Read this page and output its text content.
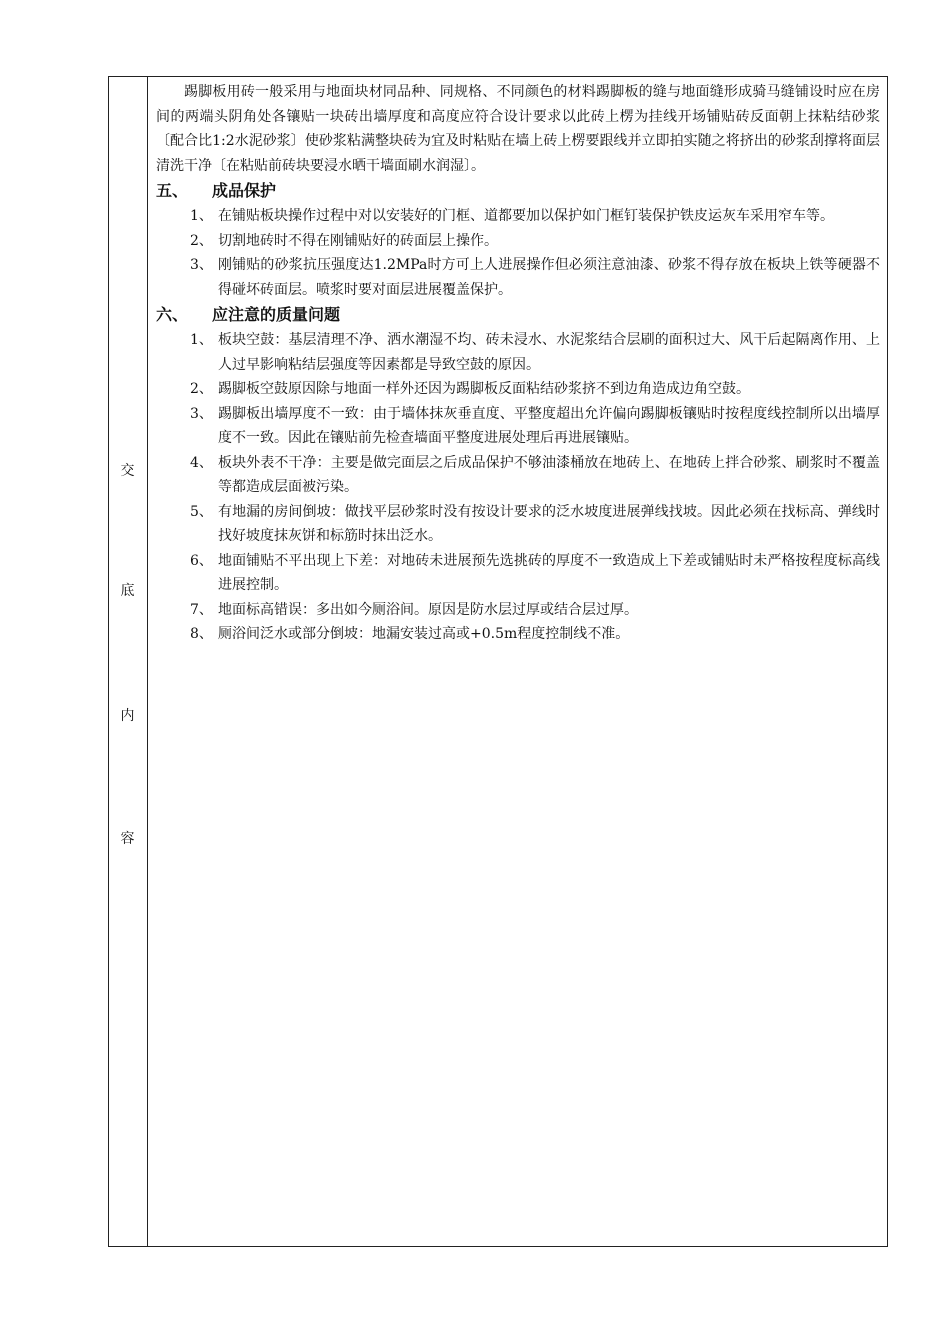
交
底
内
容

踢脚板用砖一般采用与地面块材同品种、同规格、不同颜色的材料踢脚板的缝与地面缝形成骑马缝铺设时应在房间的两端头阴角处各镶贴一块砖出墙厚度和高度应符合设计要求以此砖上楞为挂线开场铺贴砖反面朝上抹粘结砂浆〔配合比1:2水泥砂浆〕使砂浆粘满整块砖为宜及时粘贴在墙上砖上楞要跟线并立即拍实随之将挤出的砂浆刮撑将面层清洗干净〔在粘贴前砖块要浸水晒干墙面刷水润湿〕。

五、 成品保护

1、 在铺贴板块操作过程中对以安装好的门框、道都要加以保护如门框钉装保护铁皮运灰车采用窄车等。

2、 切割地砖时不得在刚铺贴好的砖面层上操作。

3、 刚铺贴的砂浆抗压强度达1.2MPa时方可上人进展操作但必须注意油漆、砂浆不得存放在板块上铁等硬器不得碰坏砖面层。喷浆时要对面层进展覆盖保护。

六、 应注意的质量问题

1、 板块空鼓：基层清理不净、洒水潮湿不均、砖未浸水、水泥浆结合层刷的面积过大、风干后起隔离作用、上人过早影响粘结层强度等因素都是导致空鼓的原因。

2、 踢脚板空鼓原因除与地面一样外还因为踢脚板反面粘结砂浆挤不到边角造成边角空鼓。

3、 踢脚板出墙厚度不一致：由于墙体抹灰垂直度、平整度超出允许偏向踢脚板镶贴时按程度线控制所以出墙厚度不一致。因此在镶贴前先检查墙面平整度进展处理后再进展镶贴。

4、 板块外表不干净：主要是做完面层之后成品保护不够油漆桶放在地砖上、在地砖上拌合砂浆、刷浆时不覆盖等都造成层面被污染。

5、 有地漏的房间倒坡：做找平层砂浆时没有按设计要求的泛水坡度进展弹线找坡。因此必须在找标高、弹线时找好坡度抹灰饼和标筋时抹出泛水。

6、 地面铺贴不平出现上下差：对地砖未进展预先选挑砖的厚度不一致造成上下差或铺贴时未严格按程度标高线进展控制。

7、 地面标高错误：多出如今厕浴间。原因是防水层过厚或结合层过厚。

8、 厕浴间泛水或部分倒坡：地漏安装过高或+0.5m程度控制线不准。
